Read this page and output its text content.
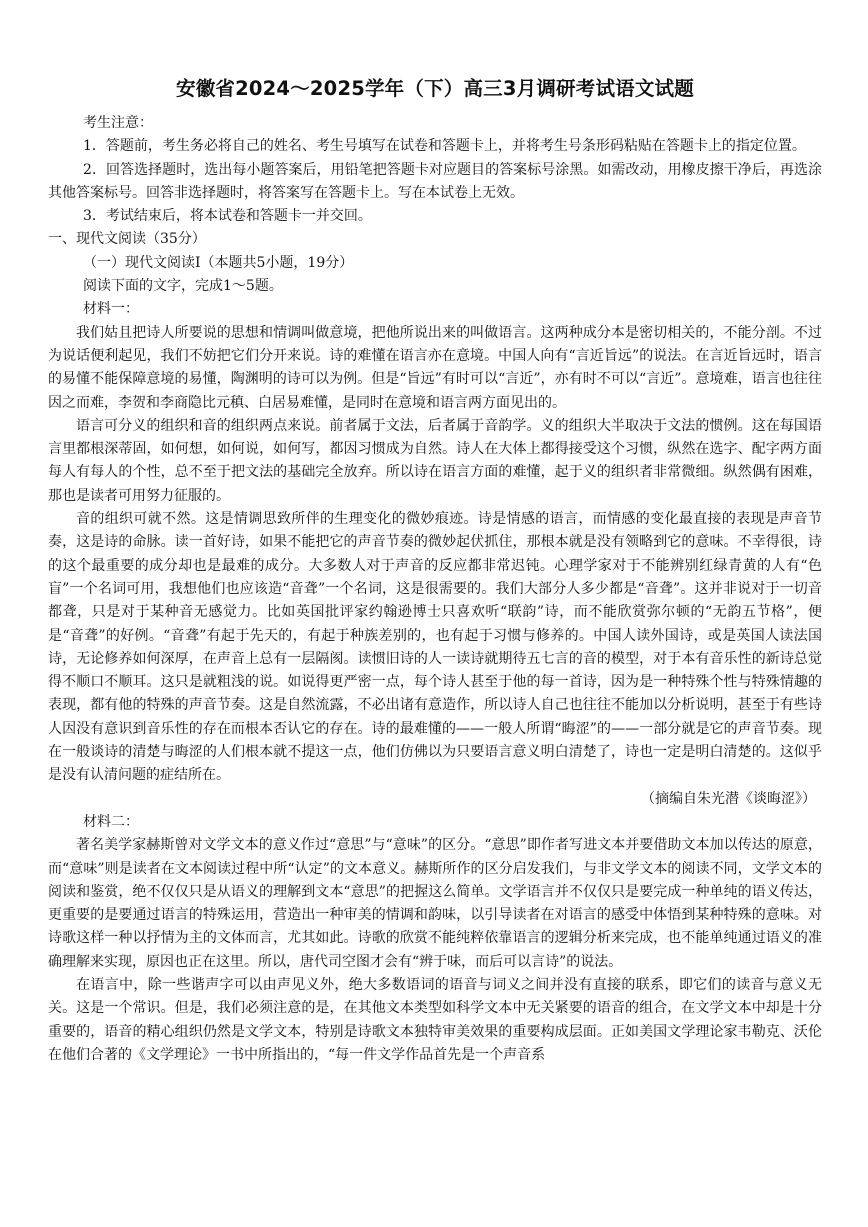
安徽省2024～2025学年（下）高三3月调研考试语文试题

考生注意：

1．答题前，考生务必将自己的姓名、考生号填写在试卷和答题卡上，并将考生号条形码粘贴在答题卡上的指定位置。

2．回答选择题时，选出每小题答案后，用铅笔把答题卡对应题目的答案标号涂黑。如需改动，用橡皮擦干净后，再选涂其他答案标号。回答非选择题时，将答案写在答题卡上。写在本试卷上无效。

3．考试结束后，将本试卷和答题卡一并交回。

一、现代文阅读（35分）

（一）现代文阅读Ⅰ（本题共5小题，19分）

阅读下面的文字，完成1～5题。

材料一：

我们姑且把诗人所要说的思想和情调叫做意境，把他所说出来的叫做语言。这两种成分本是密切相关的，不能分剖。不过为说话便利起见，我们不妨把它们分开来说。诗的难懂在语言亦在意境。中国人向有“言近旨远”的说法。在言近旨远时，语言的易懂不能保障意境的易懂，陶渊明的诗可以为例。但是“旨远”有时可以“言近”，亦有时不可以“言近”。意境难，语言也往往因之而难，李贺和李商隐比元稹、白居易难懂，是同时在意境和语言两方面见出的。

语言可分义的组织和音的组织两点来说。前者属于文法，后者属于音韵学。义的组织大半取决于文法的惯例。这在每国语言里都根深蒂固，如何想，如何说，如何写，都因习惯成为自然。诗人在大体上都得接受这个习惯，纵然在选字、配字两方面每人有每人的个性，总不至于把文法的基础完全放弃。所以诗在语言方面的难懂，起于义的组织者非常微细。纵然偶有困难，那也是读者可用努力征服的。

音的组织可就不然。这是情调思致所伴的生理变化的微妙痕迹。诗是情感的语言，而情感的变化最直接的表现是声音节奏，这是诗的命脉。读一首好诗，如果不能把它的声音节奏的微妙起伏抓住，那根本就是没有领略到它的意味。不幸得很，诗的这个最重要的成分却也是最难的成分。大多数人对于声音的反应都非常迟钝。心理学家对于不能辨别红绿青黄的人有“色盲”一个名词可用，我想他们也应该造“音聋”一个名词，这是很需要的。我们大部分人多少都是“音聋”。这并非说对于一切音都聋，只是对于某种音无感觉力。比如英国批评家约翰逊博士只喜欢听“联韵”诗，而不能欣赏弥尔顿的“无韵五节格”，便是“音聋”的好例。“音聋”有起于先天的，有起于种族差别的，也有起于习惯与修养的。中国人读外国诗，或是英国人读法国诗，无论修养如何深厚，在声音上总有一层隔阂。读惯旧诗的人一读诗就期待五七言的音的模型，对于本有音乐性的新诗总觉得不顺口不顺耳。这只是就粗浅的说。如说得更严密一点，每个诗人甚至于他的每一首诗，因为是一种特殊个性与特殊情趣的表现，都有他的特殊的声音节奏。这是自然流露，不必出诸有意造作，所以诗人自己也往往不能加以分析说明，甚至于有些诗人因没有意识到音乐性的存在而根本否认它的存在。诗的最难懂的——一般人所谓“晦涩”的——一部分就是它的声音节奏。现在一般谈诗的清楚与晦涩的人们根本就不提这一点，他们仿佛以为只要语言意义明白清楚了，诗也一定是明白清楚的。这似乎是没有认清问题的症结所在。

（摘编自朱光潜《谈晦涩》）

材料二：

著名美学家赫斯曾对文学文本的意义作过“意思”与“意味”的区分。“意思”即作者写进文本并要借助文本加以传达的原意，而“意味”则是读者在文本阅读过程中所“认定”的文本意义。赫斯所作的区分启发我们，与非文学文本的阅读不同，文学文本的阅读和鉴赏，绝不仅仅只是从语义的理解到文本“意思”的把握这么简单。文学语言并不仅仅只是要完成一种单纯的语义传达，更重要的是要通过语言的特殊运用，营造出一种审美的情调和韵味，以引导读者在对语言的感受中体悟到某种特殊的意味。对诗歌这样一种以抒情为主的文体而言，尤其如此。诗歌的欣赏不能纯粹依靠语言的逻辑分析来完成，也不能单纯通过语义的准确理解来实现，原因也正在这里。所以，唐代司空图才会有“辨于味，而后可以言诗”的说法。

在语言中，除一些谐声字可以由声见义外，绝大多数语词的语音与词义之间并没有直接的联系，即它们的读音与意义无关。这是一个常识。但是，我们必须注意的是，在其他文本类型如科学文本中无关紧要的语音的组合，在文学文本中却是十分重要的，语音的精心组织仍然是文学文本，特别是诗歌文本独特审美效果的重要构成层面。正如美国文学理论家韦勒克、沃伦在他们合著的《文学理论》一书中所指出的，“每一件文学作品首先是一个声音系
